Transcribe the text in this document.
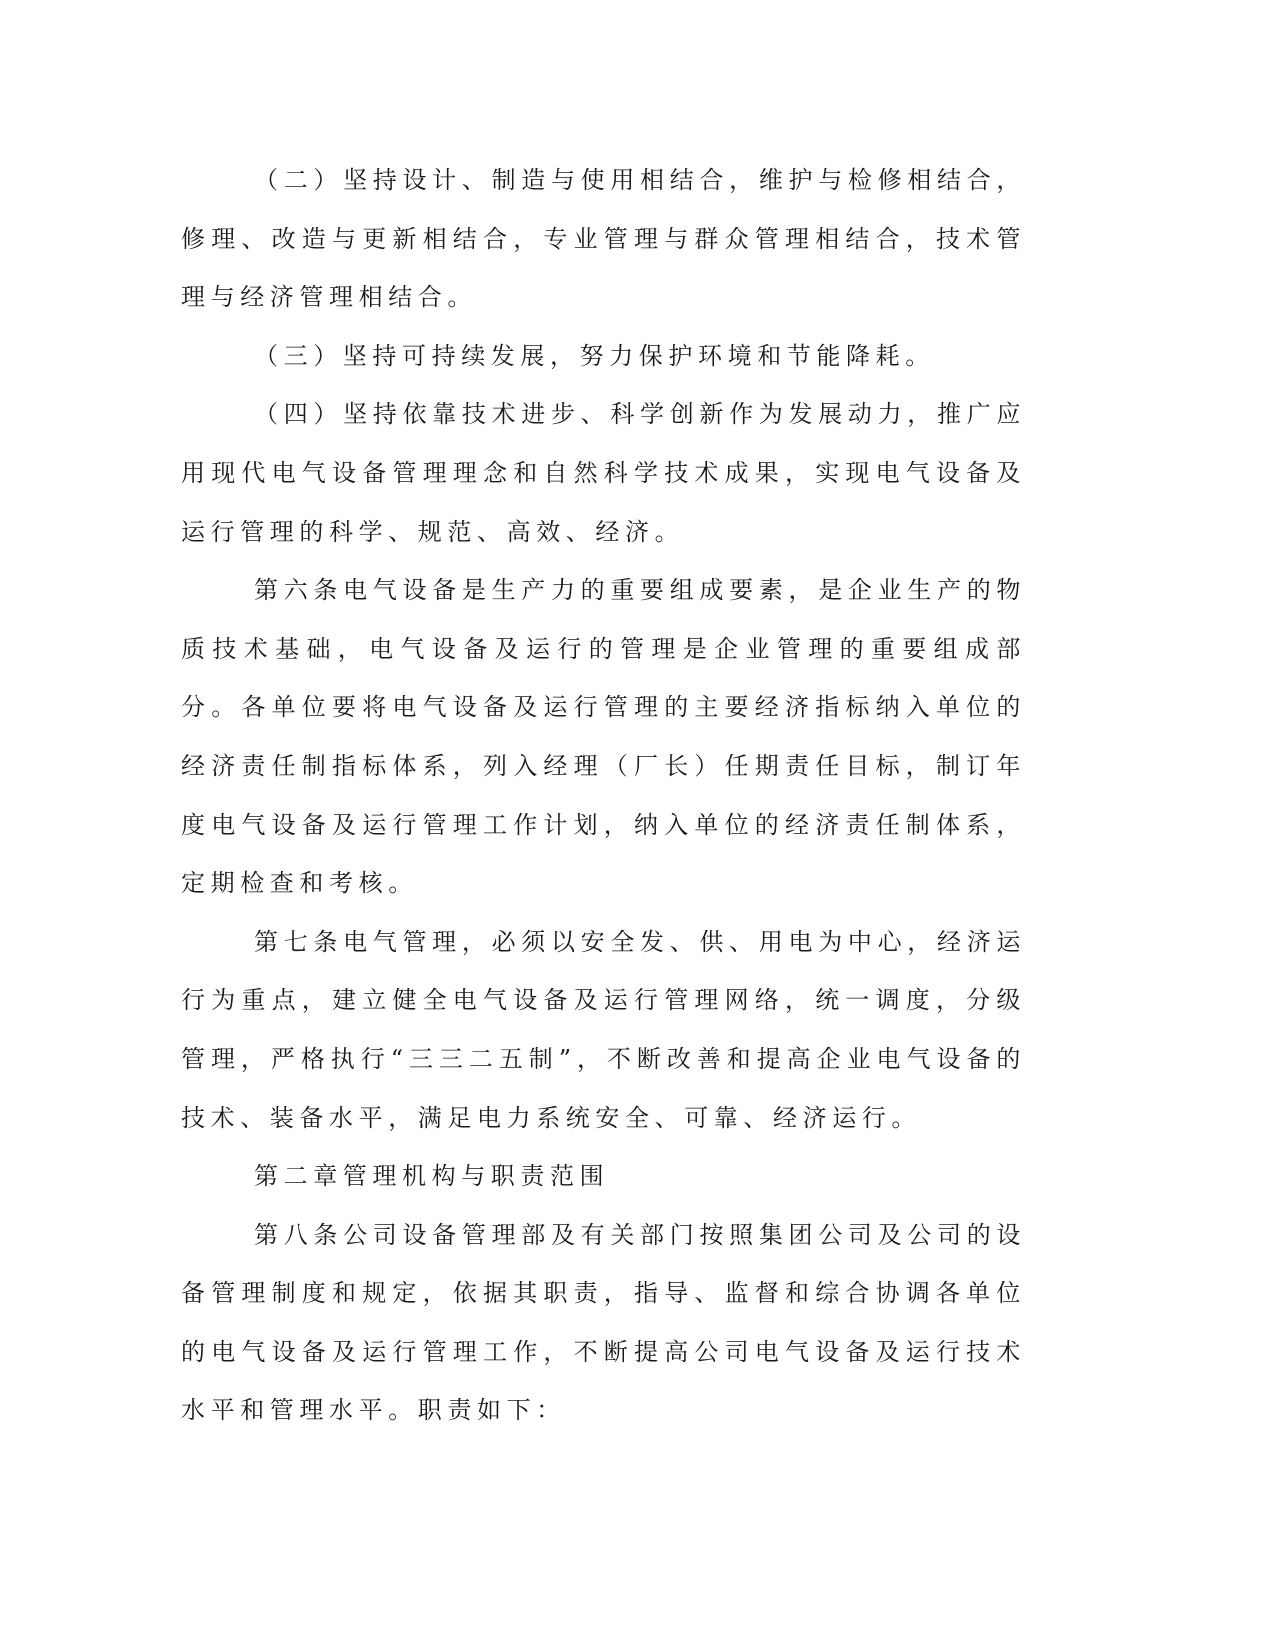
（二）坚持设计、制造与使用相结合，维护与检修相结合，修理、改造与更新相结合，专业管理与群众管理相结合，技术管理与经济管理相结合。

（三）坚持可持续发展，努力保护环境和节能降耗。

（四）坚持依靠技术进步、科学创新作为发展动力，推广应用现代电气设备管理理念和自然科学技术成果，实现电气设备及运行管理的科学、规范、高效、经济。

第六条电气设备是生产力的重要组成要素，是企业生产的物质技术基础，电气设备及运行的管理是企业管理的重要组成部分。各单位要将电气设备及运行管理的主要经济指标纳入单位的经济责任制指标体系，列入经理（厂长）任期责任目标，制订年度电气设备及运行管理工作计划，纳入单位的经济责任制体系，定期检查和考核。

第七条电气管理，必须以安全发、供、用电为中心，经济运行为重点，建立健全电气设备及运行管理网络，统一调度，分级管理，严格执行“三三二五制”，不断改善和提高企业电气设备的技术、装备水平，满足电力系统安全、可靠、经济运行。

第二章管理机构与职责范围

第八条公司设备管理部及有关部门按照集团公司及公司的设备管理制度和规定，依据其职责，指导、监督和综合协调各单位的电气设备及运行管理工作，不断提高公司电气设备及运行技术水平和管理水平。职责如下：
